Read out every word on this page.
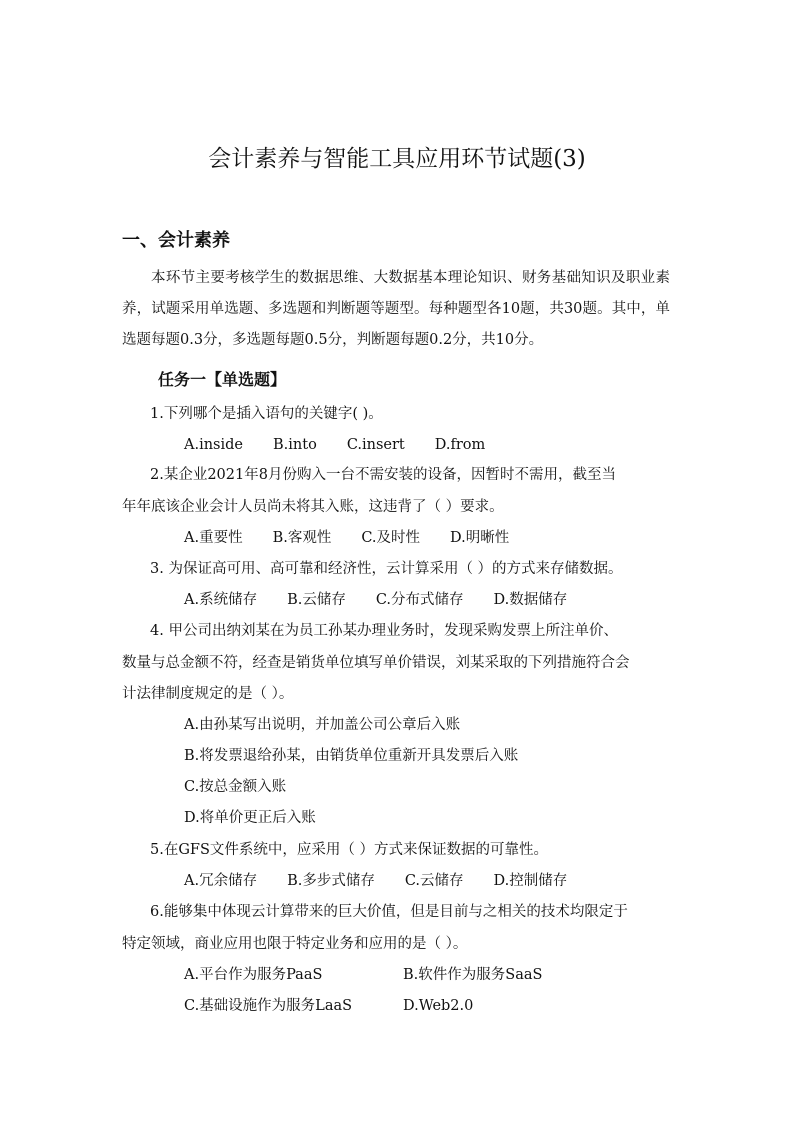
会计素养与智能工具应用环节试题(3)
一、会计素养
本环节主要考核学生的数据思维、大数据基本理论知识、财务基础知识及职业素养，试题采用单选题、多选题和判断题等题型。每种题型各10题，共30题。其中，单选题每题0.3分，多选题每题0.5分，判断题每题0.2分，共10分。
任务一【单选题】
1.下列哪个是插入语句的关键字( )。
A.inside B.into C.insert D.from
2.某企业2021年8月份购入一台不需安装的设备，因暂时不需用，截至当
年年底该企业会计人员尚未将其入账，这违背了（ ）要求。
A.重要性 B.客观性 C.及时性 D.明晰性
3. 为保证高可用、高可靠和经济性，云计算采用（ ）的方式来存储数据。
A.系统储存 B.云储存 C.分布式储存 D.数据储存
4. 甲公司出纳刘某在为员工孙某办理业务时，发现采购发票上所注单价、
数量与总金额不符，经查是销货单位填写单价错误，刘某采取的下列措施符合会
计法律制度规定的是（ ）。
A.由孙某写出说明，并加盖公司公章后入账
B.将发票退给孙某，由销货单位重新开具发票后入账
C.按总金额入账
D.将单价更正后入账
5.在GFS文件系统中，应采用（ ）方式来保证数据的可靠性。
A.冗余储存 B.多步式储存 C.云储存 D.控制储存
6.能够集中体现云计算带来的巨大价值，但是目前与之相关的技术均限定于
特定领域，商业应用也限于特定业务和应用的是（ ）。
A.平台作为服务PaaS	B.软件作为服务SaaS
C.基础设施作为服务LaaS	D.Web2.0
